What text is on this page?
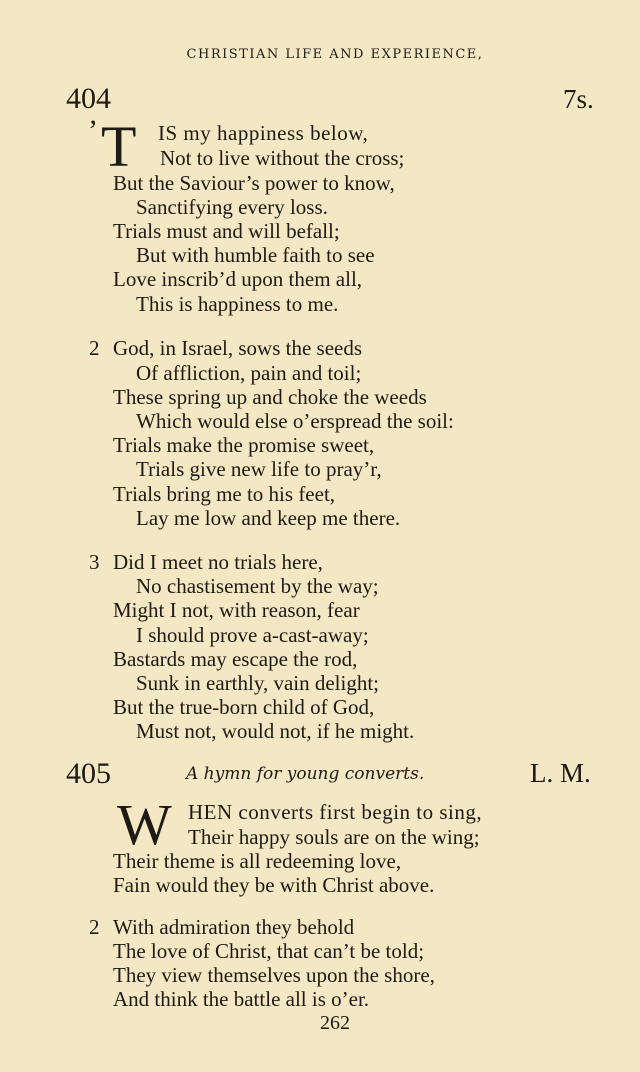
CHRISTIAN LIFE AND EXPERIENCE,
404	7s.
’ T IS my happiness below,
Not to live without the cross;
But the Saviour’s power to know,
Sanctifying every loss.
Trials must and will befall;
But with humble faith to see
Love inscrib’d upon them all,
This is happiness to me.
2 God, in Israel, sows the seeds
Of affliction, pain and toil;
These spring up and choke the weeds
Which would else o’erspread the soil:
Trials make the promise sweet,
Trials give new life to pray’r,
Trials bring me to his feet,
Lay me low and keep me there.
3 Did I meet no trials here,
No chastisement by the way;
Might I not, with reason, fear
I should prove a-cast-away;
Bastards may escape the rod,
Sunk in earthly, vain delight;
But the true-born child of God,
Must not, would not, if he might.
405	A hymn for young converts.	L. M.
W HEN converts first begin to sing,
Their happy souls are on the wing;
Their theme is all redeeming love,
Fain would they be with Christ above.
2 With admiration they behold
The love of Christ, that can’t be told;
They view themselves upon the shore,
And think the battle all is o’er.
262
